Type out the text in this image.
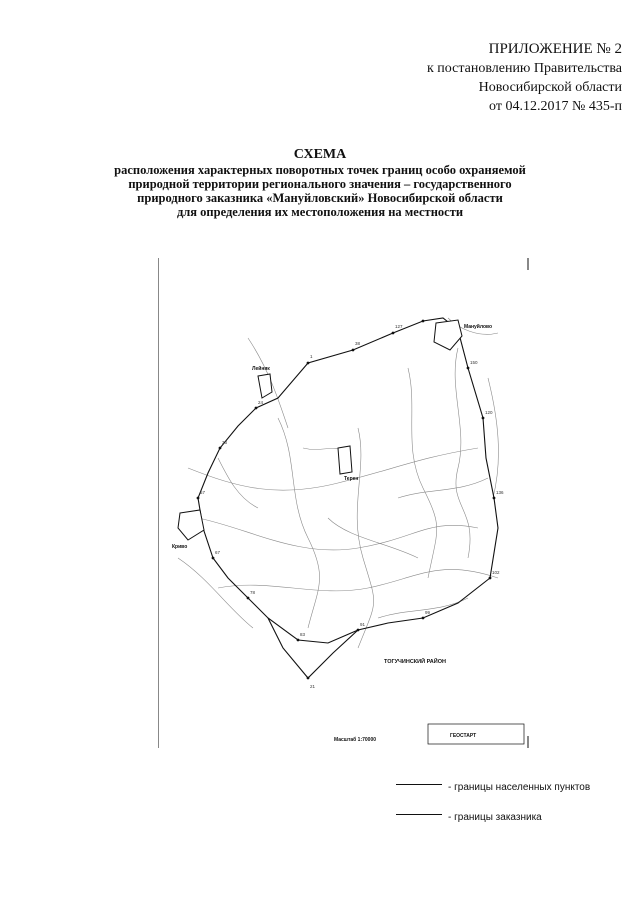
ПРИЛОЖЕНИЕ № 2
к постановлению Правительства
Новосибирской области
от 04.12.2017 № 435-п
СХЕМА
расположения характерных поворотных точек границ особо охраняемой
природной территории регионального значения – государственного
природного заказника «Мануйловский» Новосибирской области
для определения их местоположения на местности
1
38
127
150
120
136
102
99
91
83
78
67
57
33
24
21
Мануйлово
Лейняк
Терен
Криво
ТОГУЧИНСКИЙ РАЙОН
Масштаб 1:70000
ГЕОСТАРТ
- границы населенных пунктов
- границы заказника
